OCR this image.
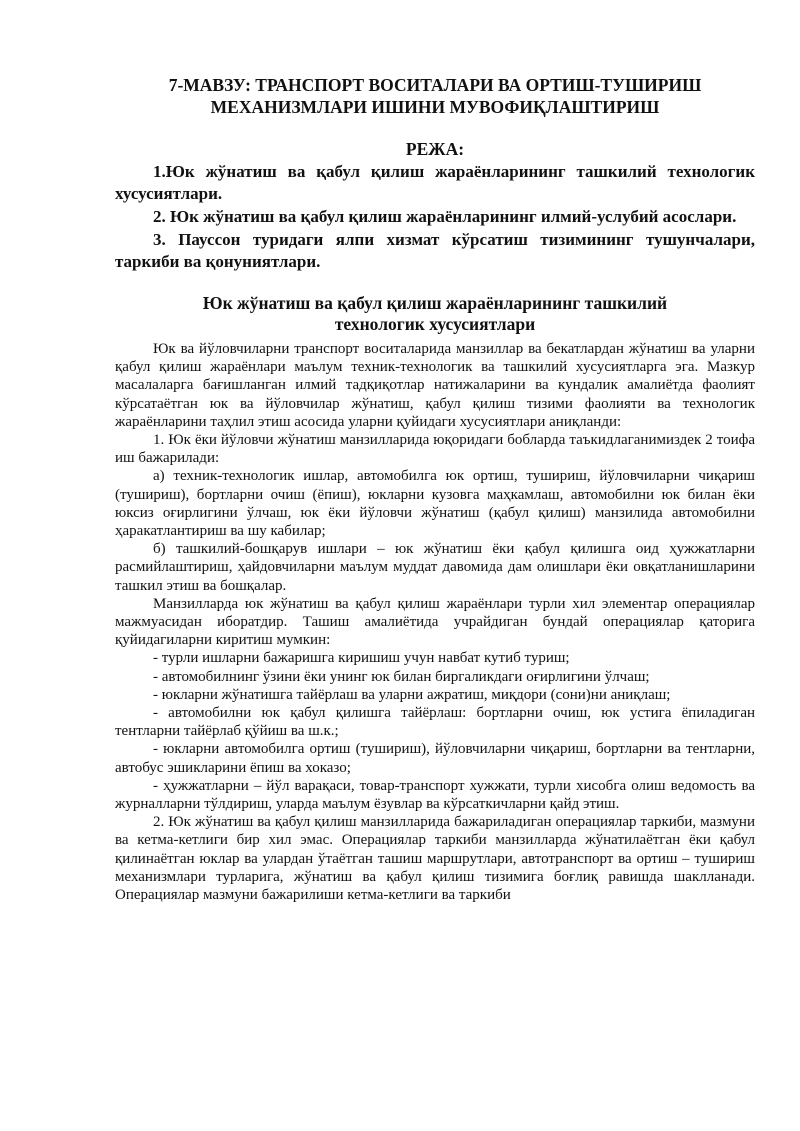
7-МАВЗУ: ТРАНСПОРТ ВОСИТАЛАРИ ВА ОРТИШ-ТУШИРИШ

МЕХАНИЗМЛАРИ ИШИНИ МУВОФИҚЛАШТИРИШ

РЕЖА:

1.Юк жўнатиш ва қабул қилиш жараёнларининг ташкилий технологик хусусиятлари.

2. Юк жўнатиш ва қабул қилиш жараёнларининг илмий-услубий асослари.

3. Пауссон туридаги ялпи хизмат кўрсатиш тизимининг тушунчалари, таркиби ва қонуниятлари.

Юк жўнатиш ва қабул қилиш жараёнларининг ташкилий
технологик хусусиятлари

Юк ва йўловчиларни транспорт воситаларида манзиллар ва бекатлардан жўнатиш ва уларни қабул қилиш жараёнлари маълум техник-технологик ва ташкилий хусусиятларга эга. Мазкур масалаларга бағишланган илмий тадқиқотлар натижаларини ва кундалик амалиётда фаолият кўрсатаётган юк ва йўловчилар жўнатиш, қабул қилиш тизими фаолияти ва технологик жараёнларини таҳлил этиш асосида уларни қуйидаги хусусиятлари аниқланди:

1. Юк ёки йўловчи жўнатиш манзилларида юқоридаги бобларда таъкидлаганимиздек 2 тоифа иш бажарилади:

а) техник-технологик ишлар, автомобилга юк ортиш, тушириш, йўловчиларни чиқариш (тушириш), бортларни очиш (ёпиш), юкларни кузовга маҳкамлаш, автомобилни юк билан ёки юксиз оғирлигини ўлчаш, юк ёки йўловчи жўнатиш (қабул қилиш) манзилида автомобилни ҳаракатлантириш ва шу кабилар;

б) ташкилий-бошқарув ишлари – юк жўнатиш ёки қабул қилишга оид ҳужжатларни расмийлаштириш, ҳайдовчиларни маълум муддат давомида дам олишлари ёки овқатланишларини ташкил этиш ва бошқалар.

Манзилларда юк жўнатиш ва қабул қилиш жараёнлари турли хил элементар операциялар мажмуасидан иборатдир. Ташиш амалиётида учрайдиган бундай операциялар қаторига қуйидагиларни киритиш мумкин:

- турли ишларни бажаришга киришиш учун навбат кутиб туриш;

- автомобилнинг ўзини ёки унинг юк билан биргаликдаги оғирлигини ўлчаш;

- юкларни жўнатишга тайёрлаш ва уларни ажратиш, миқдори (сони)ни аниқлаш;

- автомобилни юк қабул қилишга тайёрлаш: бортларни очиш, юк устига ёпиладиган тентларни тайёрлаб қўйиш ва ш.к.;

- юкларни автомобилга ортиш (тушириш), йўловчиларни чиқариш, бортларни ва тентларни, автобус эшикларини ёпиш ва хоказо;

- ҳужжатларни – йўл варақаси, товар-транспорт хужжати, турли хисобга олиш ведомость ва журналларни тўлдириш, уларда маълум ёзувлар ва кўрсаткичларни қайд этиш.

2. Юк жўнатиш ва қабул қилиш манзилларида бажариладиган операциялар таркиби, мазмуни ва кетма-кетлиги бир хил эмас. Операциялар таркиби манзилларда жўнатилаётган ёки қабул қилинаётган юклар ва улардан ўтаётган ташиш маршрутлари, автотранспорт ва ортиш – тушириш механизмлари турларига, жўнатиш ва қабул қилиш тизимига боғлиқ равишда шаклланади. Операциялар мазмуни бажарилиши кетма-кетлиги ва таркиби
